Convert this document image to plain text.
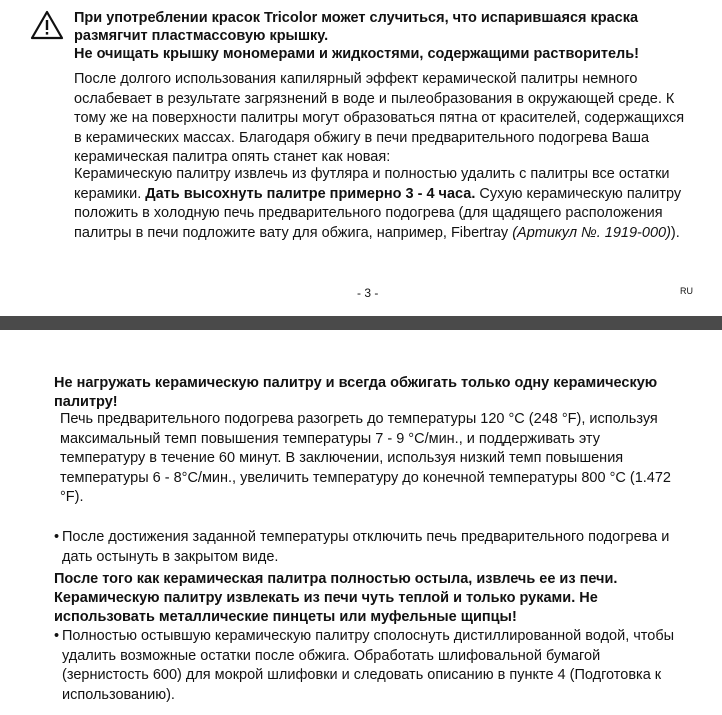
При употреблении красок Tricolor может случиться, что испарившаяся краска размягчит пластмассовую крышку.
Не очищать крышку мономерами и жидкостями, содержащими растворитель!
После долгого использования капилярный эффект керамической палитры немного ослабевает в результате загрязнений в воде и пылеобразования в окружающей среде. К тому же на поверхности палитры могут образоваться пятна от красителей, содержащихся в керамических массах. Благодаря обжигу в печи предварительного подогрева Ваша керамическая палитра опять станет как новая:
Керамическую палитру извлечь из футляра и полностью удалить с палитры все остатки керамики. Дать высохнуть палитре примерно 3 - 4 часа. Сухую керамическую палитру положить в холодную печь предварительного подогрева (для щадящего расположения палитры в печи подложите вату для обжига, например, Fibertray (Артикул №. 1919-000)).
- 3 -	RU
Не нагружать керамическую палитру и всегда обжигать только одну керамическую палитру!
Печь предварительного подогрева разогреть до температуры 120 °C (248 °F), используя максимальный темп повышения температуры 7 - 9 °C/мин., и поддерживать эту температуру в течение 60 минут. В заключении, используя низкий темп повышения температуры 6 - 8°C/мин., увеличить температуру до конечной температуры 800 °C (1.472 °F).
• После достижения заданной температуры отключить печь предварительного подогрева и дать остынуть в закрытом виде.
После того как керамическая палитра полностью остыла, извлечь ее из печи. Керамическую палитру извлекать из печи чуть теплой и только руками. Не использовать металлические пинцеты или муфельные щипцы!
• Полностью остывшую керамическую палитру сполоснуть дистиллированной водой, чтобы удалить возможные остатки после обжига. Обработать шлифовальной бумагой (зернистость 600) для мокрой шлифовки и следовать описанию в пункте 4 (Подготовка к использованию).
